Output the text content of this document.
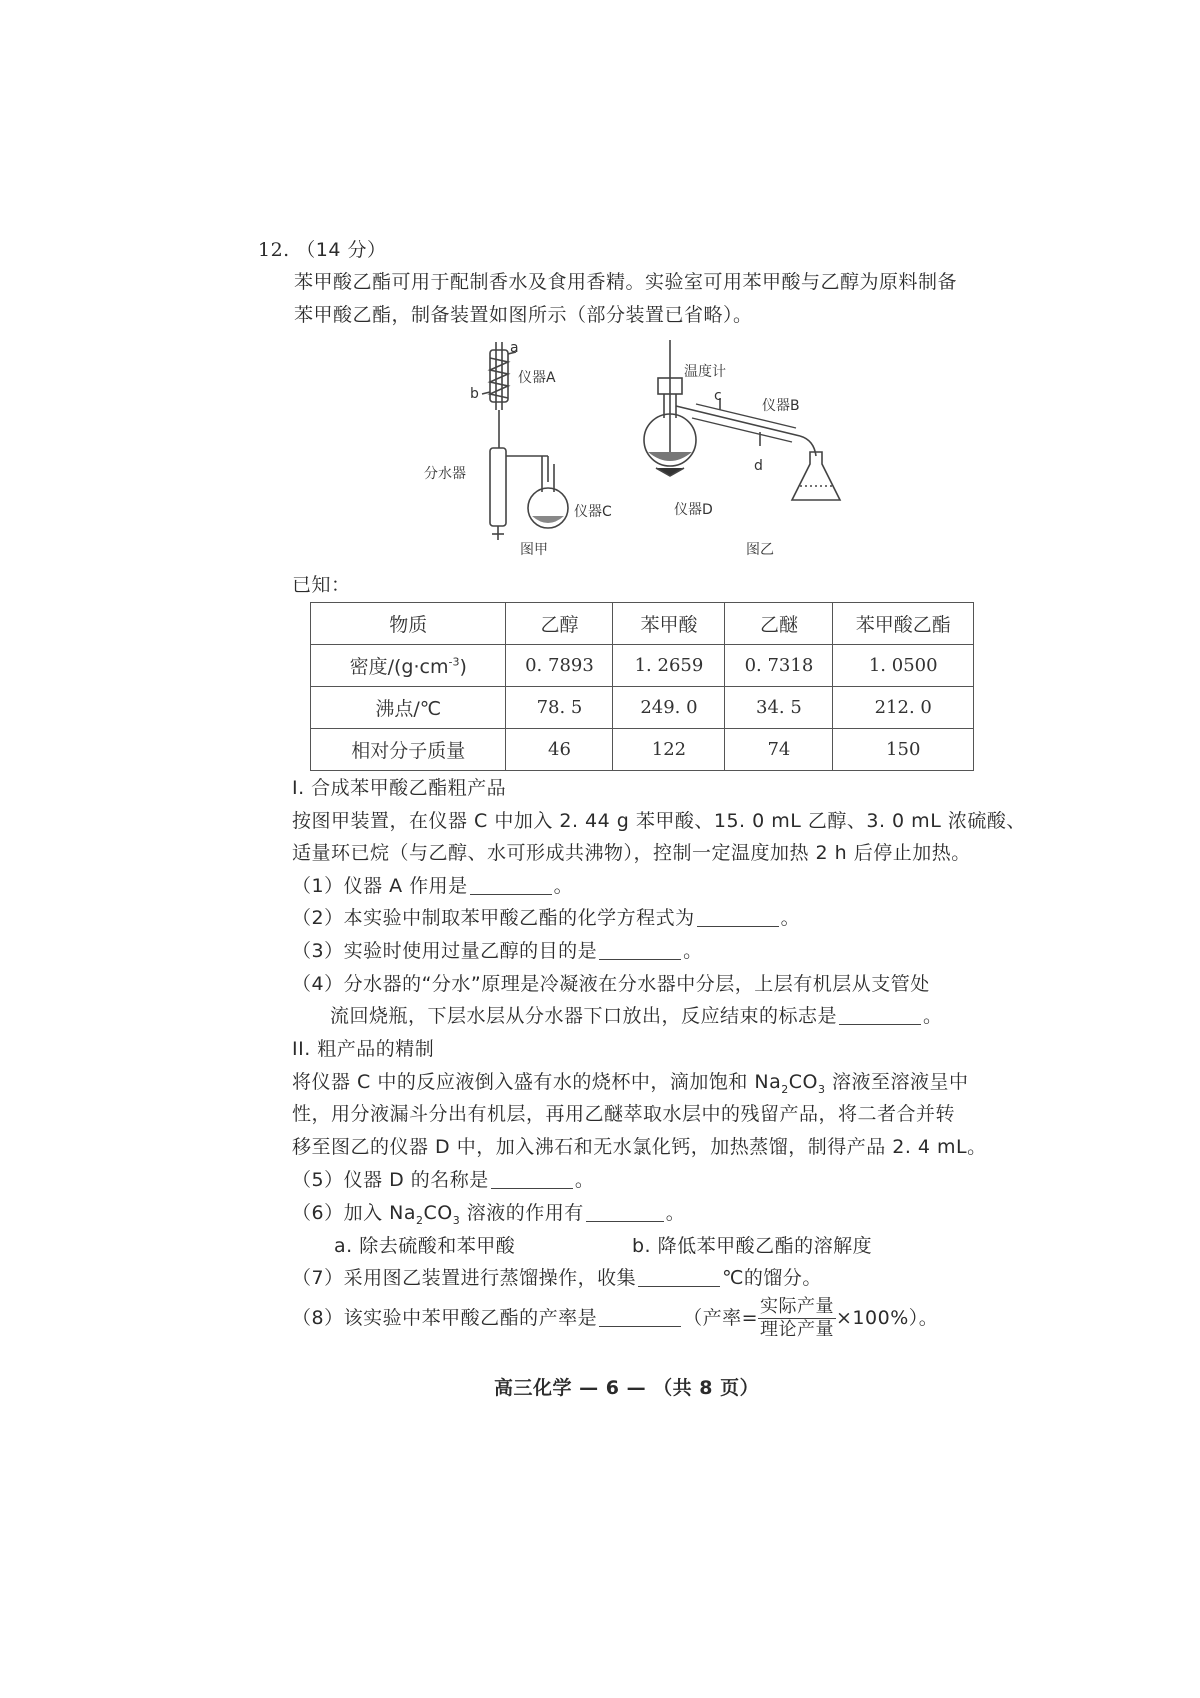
12. （14 分）
苯甲酸乙酯可用于配制香水及食用香精。实验室可用苯甲酸与乙醇为原料制备
苯甲酸乙酯，制备装置如图所示（部分装置已省略）。
a
b
仪器A
分水器
仪器C
温度计
c
d
仪器B
仪器D
图甲	图乙
已知：
物质	乙醇	苯甲酸	乙醚	苯甲酸乙酯
密度$/(g\cdot cm^{-3})$	0. 7893	1. 2659	0. 7318	1. 0500
沸点/℃	78. 5	249. 0	34. 5	212. 0
相对分子质量	46	122	74	150
I. 合成苯甲酸乙酯粗产品
按图甲装置，在仪器 C 中加入 2. 44 g 苯甲酸、15. 0 mL 乙醇、3. 0 mL 浓硫酸、
适量环已烷（与乙醇、水可形成共沸物），控制一定温度加热 2 h 后停止加热。
（1）仪器 A 作用是	。
（2）本实验中制取苯甲酸乙酯的化学方程式为	。
（3）实验时使用过量乙醇的目的是	。
（4）分水器的“分水”原理是冷凝液在分水器中分层，上层有机层从支管处
流回烧瓶，下层水层从分水器下口放出，反应结束的标志是	。
II. 粗产品的精制
将仪器 C 中的反应液倒入盛有水的烧杯中，滴加饱和 $Na_2CO_3$ 溶液至溶液呈中
性，用分液漏斗分出有机层，再用乙醚萃取水层中的残留产品，将二者合并转
移至图乙的仪器 D 中，加入沸石和无水氯化钙，加热蒸馏，制得产品 2. 4 mL。
（5）仪器 D 的名称是	。
（6）加入 $Na_2CO_3$ 溶液的作用有	。
a. 除去硫酸和苯甲酸	b. 降低苯甲酸乙酯的溶解度
（7）采用图乙装置进行蒸馏操作，收集	℃的馏分。
（8）该实验中苯甲酸乙酯的产率是	（产率= $\frac{\text{实际产量}}{\text{理论产量}} \times 100\%$）。
高三化学 — 6 — （共 8 页）
